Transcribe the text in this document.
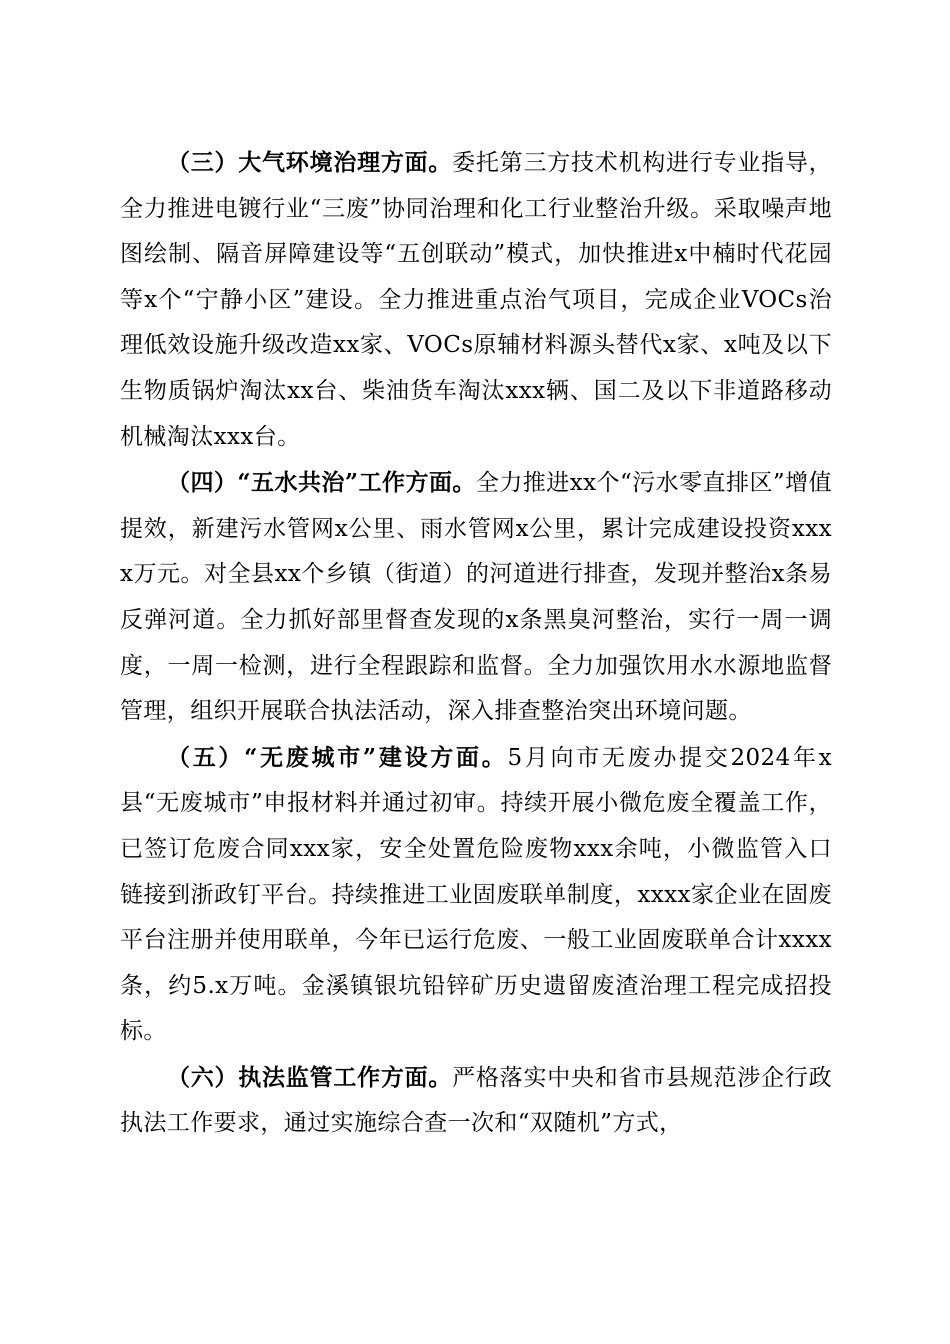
（三）大气环境治理方面。委托第三方技术机构进行专业指导，全力推进电镀行业“三废”协同治理和化工行业整治升级。采取噪声地图绘制、隔音屏障建设等“五创联动”模式，加快推进x中楠时代花园等x个“宁静小区”建设。全力推进重点治气项目，完成企业VOCs治理低效设施升级改造xx家、VOCs原辅材料源头替代x家、x吨及以下生物质锅炉淘汰xx台、柴油货车淘汰xxx辆、国二及以下非道路移动机械淘汰xxx台。

（四）“五水共治”工作方面。全力推进xx个“污水零直排区”增值提效，新建污水管网x公里、雨水管网x公里，累计完成建设投资xxxx万元。对全县xx个乡镇（街道）的河道进行排查，发现并整治x条易反弹河道。全力抓好部里督查发现的x条黑臭河整治，实行一周一调度，一周一检测，进行全程跟踪和监督。全力加强饮用水水源地监督管理，组织开展联合执法活动，深入排查整治突出环境问题。

（五）“无废城市”建设方面。5月向市无废办提交2024年x县“无废城市”申报材料并通过初审。持续开展小微危废全覆盖工作，已签订危废合同xxx家，安全处置危险废物xxx余吨，小微监管入口链接到浙政钉平台。持续推进工业固废联单制度，xxxx家企业在固废平台注册并使用联单，今年已运行危废、一般工业固废联单合计xxxx条，约5.x万吨。金溪镇银坑铅锌矿历史遗留废渣治理工程完成招投标。

（六）执法监管工作方面。严格落实中央和省市县规范涉企行政执法工作要求，通过实施综合查一次和“双随机”方式，
